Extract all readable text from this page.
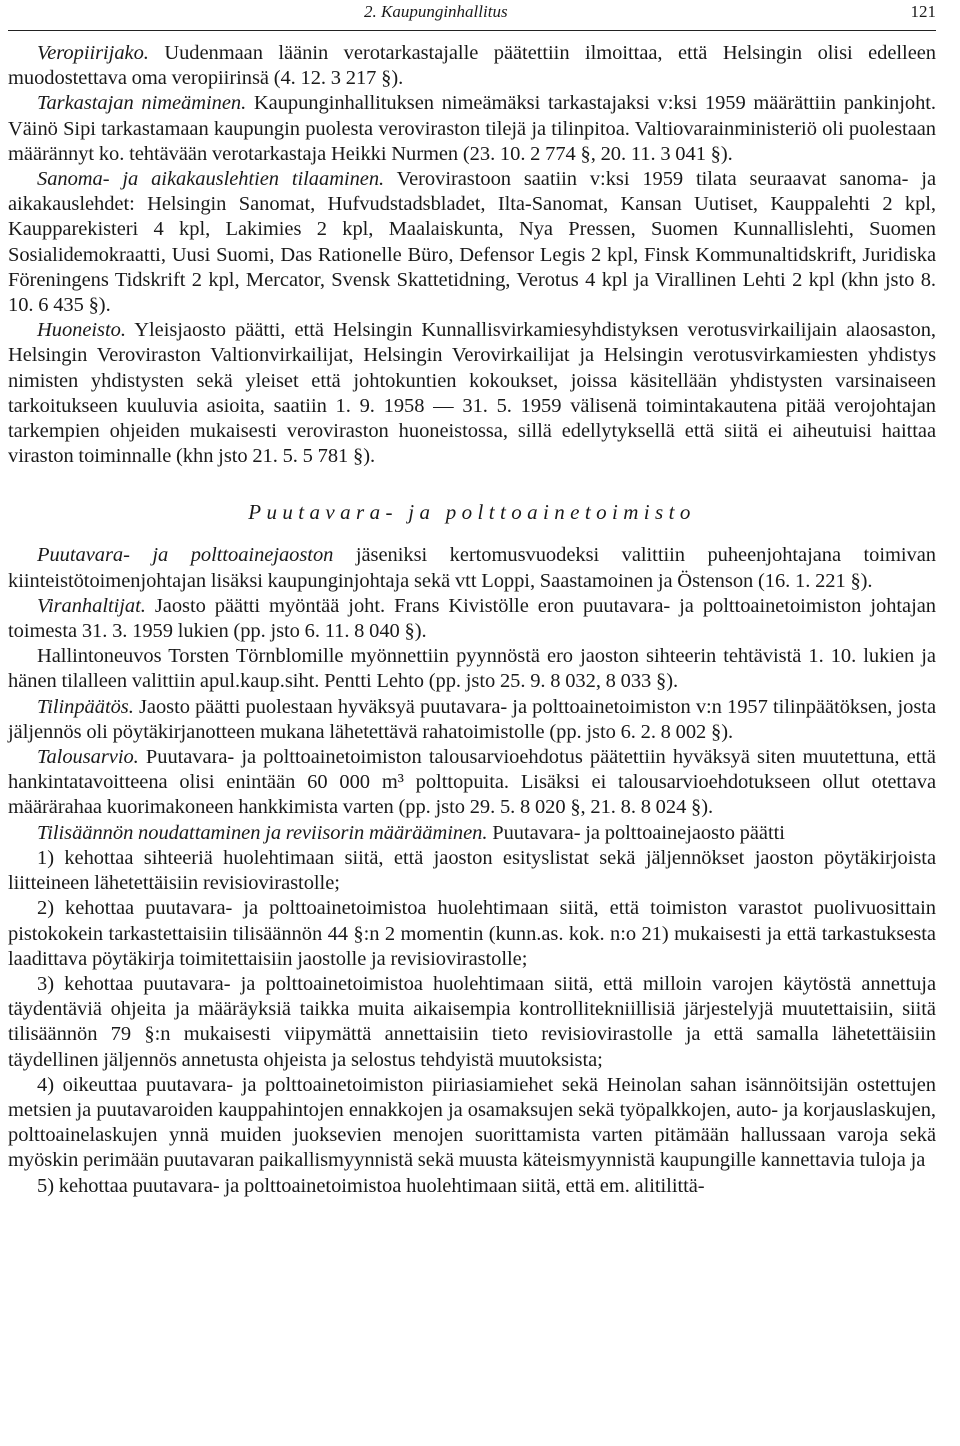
2. Kaupunginhallitus	121

Veropiirijako. Uudenmaan läänin verotarkastajalle päätettiin ilmoittaa, että Helsingin olisi edelleen muodostettava oma veropiirinsä (4. 12. 3 217 §).

Tarkastajan nimeäminen. Kaupunginhallituksen nimeämäksi tarkastajaksi v:ksi 1959 määrättiin pankinjoht. Väinö Sipi tarkastamaan kaupungin puolesta veroviraston tilejä ja tilinpitoa. Valtiovarainministeriö oli puolestaan määrännyt ko. tehtävään verotarkastaja Heikki Nurmen (23. 10. 2 774 §, 20. 11. 3 041 §).

Sanoma- ja aikakauslehtien tilaaminen. Verovirastoon saatiin v:ksi 1959 tilata seuraavat sanoma- ja aikakauslehdet: Helsingin Sanomat, Hufvudstadsbladet, Ilta-Sanomat, Kansan Uutiset, Kauppalehti 2 kpl, Kaupparekisteri 4 kpl, Lakimies 2 kpl, Maalaiskunta, Nya Pressen, Suomen Kunnallislehti, Suomen Sosialidemokraatti, Uusi Suomi, Das Rationelle Büro, Defensor Legis 2 kpl, Finsk Kommunaltidskrift, Juridiska Föreningens Tidskrift 2 kpl, Mercator, Svensk Skattetidning, Verotus 4 kpl ja Virallinen Lehti 2 kpl (khn jsto 8. 10. 6 435 §).

Huoneisto. Yleisjaosto päätti, että Helsingin Kunnallisvirkamiesyhdistyksen verotusvirkailijain alaosaston, Helsingin Veroviraston Valtionvirkailijat, Helsingin Verovirkailijat ja Helsingin verotusvirkamiesten yhdistys nimisten yhdistysten sekä yleiset että johtokuntien kokoukset, joissa käsitellään yhdistysten varsinaiseen tarkoitukseen kuuluvia asioita, saatiin 1. 9. 1958 — 31. 5. 1959 välisenä toimintakautena pitää verojohtajan tarkempien ohjeiden mukaisesti veroviraston huoneistossa, sillä edellytyksellä että siitä ei aiheutuisi haittaa viraston toiminnalle (khn jsto 21. 5. 5 781 §).

Puutavara- ja polttoainetoimisto

Puutavara- ja polttoainejaoston jäseniksi kertomusvuodeksi valittiin puheenjohtajana toimivan kiinteistötoimenjohtajan lisäksi kaupunginjohtaja sekä vtt Loppi, Saastamoinen ja Östenson (16. 1. 221 §).

Viranhaltijat. Jaosto päätti myöntää joht. Frans Kivistölle eron puutavara- ja polttoainetoimiston johtajan toimesta 31. 3. 1959 lukien (pp. jsto 6. 11. 8 040 §).

Hallintoneuvos Torsten Törnblomille myönnettiin pyynnöstä ero jaoston sihteerin tehtävistä 1. 10. lukien ja hänen tilalleen valittiin apul.kaup.siht. Pentti Lehto (pp. jsto 25. 9. 8 032, 8 033 §).

Tilinpäätös. Jaosto päätti puolestaan hyväksyä puutavara- ja polttoainetoimiston v:n 1957 tilinpäätöksen, josta jäljennös oli pöytäkirjanotteen mukana lähetettävä rahatoimistolle (pp. jsto 6. 2. 8 002 §).

Talousarvio. Puutavara- ja polttoainetoimiston talousarvioehdotus päätettiin hyväksyä siten muutettuna, että hankintatavoitteena olisi enintään 60 000 m³ polttopuita. Lisäksi ei talousarvioehdotukseen ollut otettava määrärahaa kuorimakoneen hankkimista varten (pp. jsto 29. 5. 8 020 §, 21. 8. 8 024 §).

Tilisäännön noudattaminen ja reviisorin määrääminen. Puutavara- ja polttoainejaosto päätti

1) kehottaa sihteeriä huolehtimaan siitä, että jaoston esityslistat sekä jäljennökset jaoston pöytäkirjoista liitteineen lähetettäisiin revisiovirastolle;

2) kehottaa puutavara- ja polttoainetoimistoa huolehtimaan siitä, että toimiston varastot puolivuosittain pistokokein tarkastettaisiin tilisäännön 44 §:n 2 momentin (kunn.as. kok. n:o 21) mukaisesti ja että tarkastuksesta laadittava pöytäkirja toimitettaisiin jaostolle ja revisiovirastolle;

3) kehottaa puutavara- ja polttoainetoimistoa huolehtimaan siitä, että milloin varojen käytöstä annettuja täydentäviä ohjeita ja määräyksiä taikka muita aikaisempia kontrollitekniillisiä järjestelyjä muutettaisiin, siitä tilisäännön 79 §:n mukaisesti viipymättä annettaisiin tieto revisiovirastolle ja että samalla lähetettäisiin täydellinen jäljennös annetusta ohjeista ja selostus tehdyistä muutoksista;

4) oikeuttaa puutavara- ja polttoainetoimiston piiriasiamiehet sekä Heinolan sahan isännöitsijän ostettujen metsien ja puutavaroiden kauppahintojen ennakkojen ja osamaksujen sekä työpalkkojen, auto- ja korjauslaskujen, polttoainelaskujen ynnä muiden juoksevien menojen suorittamista varten pitämään hallussaan varoja sekä myöskin perimään puutavaran paikallismyynnistä sekä muusta käteismyynnistä kaupungille kannettavia tuloja ja

5) kehottaa puutavara- ja polttoainetoimistoa huolehtimaan siitä, että em. alitilittä-
